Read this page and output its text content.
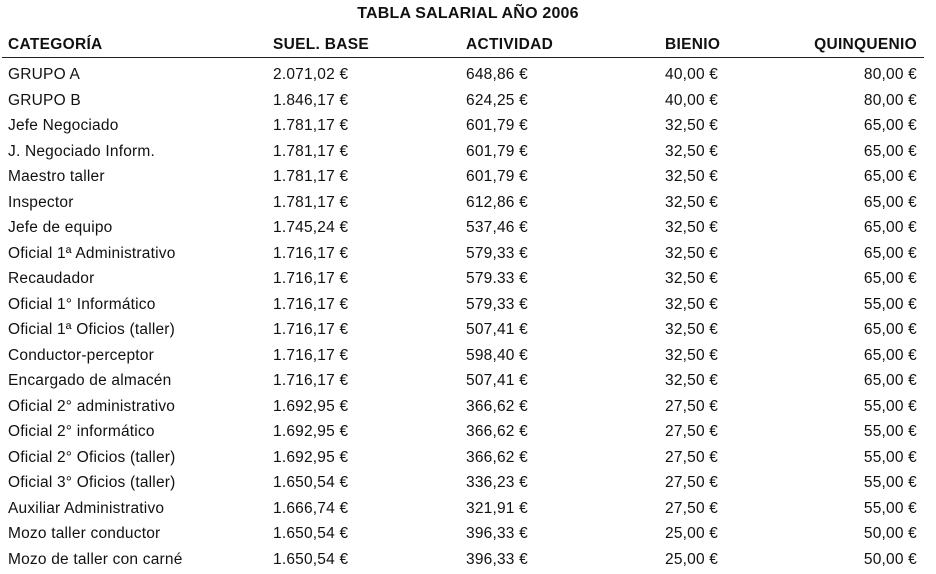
TABLA SALARIAL AÑO 2006
CATEGORÍA	SUEL. BASE	ACTIVIDAD	BIENIO	QUINQUENIO
GRUPO A	2.071,02 €	648,86 €	40,00 €	80,00 €
GRUPO B	1.846,17 €	624,25 €	40,00 €	80,00 €
Jefe Negociado	1.781,17 €	601,79 €	32,50 €	65,00 €
J. Negociado Inform.	1.781,17 €	601,79 €	32,50 €	65,00 €
Maestro taller	1.781,17 €	601,79 €	32,50 €	65,00 €
Inspector	1.781,17 €	612,86 €	32,50 €	65,00 €
Jefe de equipo	1.745,24 €	537,46 €	32,50 €	65,00 €
Oficial 1ª Administrativo	1.716,17 €	579,33 €	32,50 €	65,00 €
Recaudador	1.716,17 €	579.33 €	32,50 €	65,00 €
Oficial 1° Informático	1.716,17 €	579,33 €	32,50 €	55,00 €
Oficial 1ª Oficios (taller)	1.716,17 €	507,41 €	32,50 €	65,00 €
Conductor-perceptor	1.716,17 €	598,40 €	32,50 €	65,00 €
Encargado de almacén	1.716,17 €	507,41 €	32,50 €	65,00 €
Oficial 2° administrativo	1.692,95 €	366,62 €	27,50 €	55,00 €
Oficial 2° informático	1.692,95 €	366,62 €	27,50 €	55,00 €
Oficial 2° Oficios (taller)	1.692,95 €	366,62 €	27,50 €	55,00 €
Oficial 3° Oficios (taller)	1.650,54 €	336,23 €	27,50 €	55,00 €
Auxiliar Administrativo	1.666,74 €	321,91 €	27,50 €	55,00 €
Mozo taller conductor	1.650,54 €	396,33 €	25,00 €	50,00 €
Mozo de taller con carné	1.650,54 €	396,33 €	25,00 €	50,00 €
